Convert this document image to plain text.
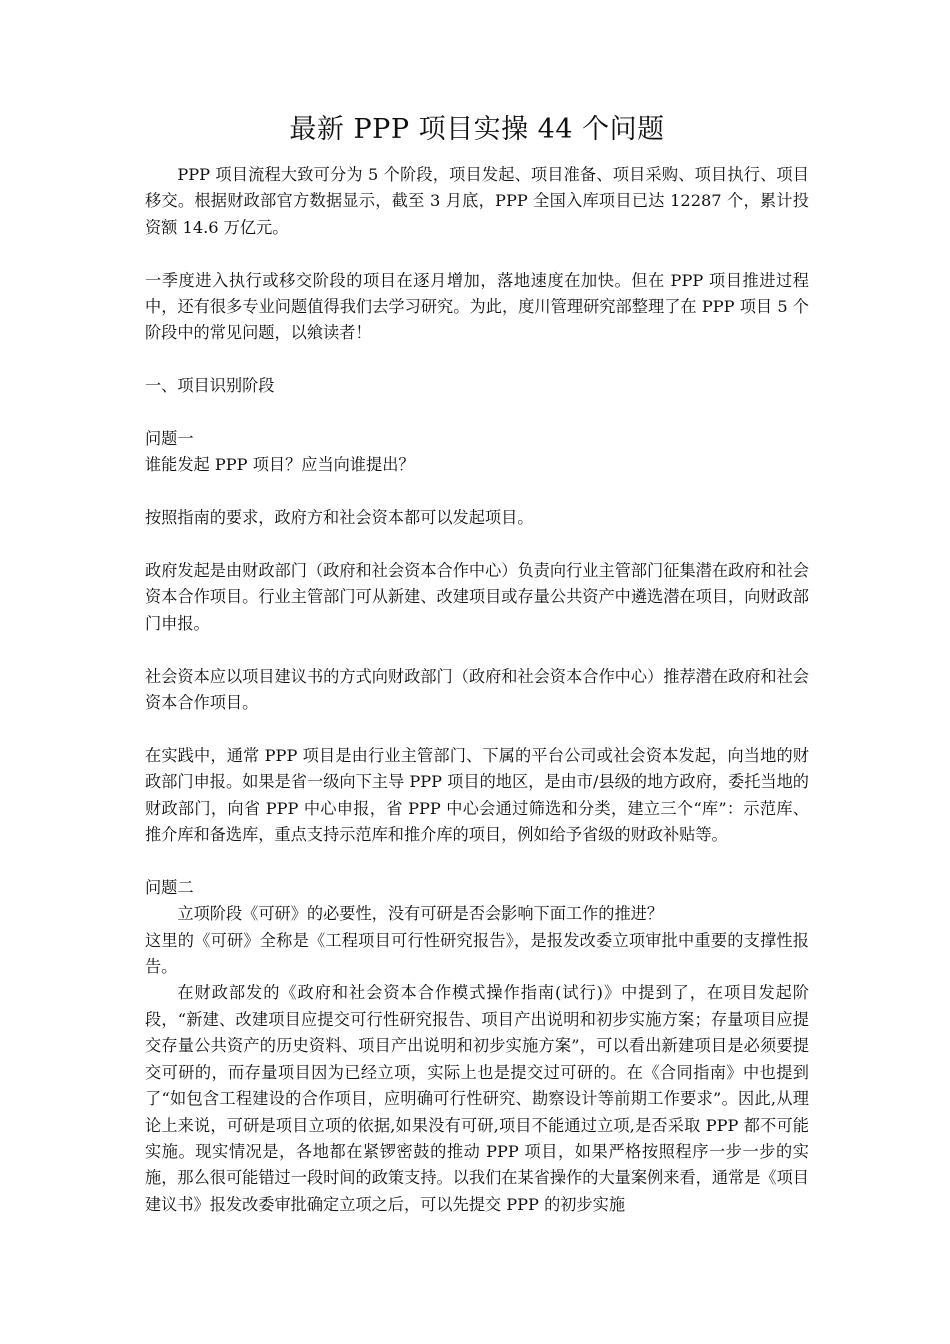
最新 PPP 项目实操 44 个问题

PPP 项目流程大致可分为 5 个阶段，项目发起、项目准备、项目采购、项目执行、项目移交。根据财政部官方数据显示，截至 3 月底，PPP 全国入库项目已达 12287 个，累计投资额 14.6 万亿元。

一季度进入执行或移交阶段的项目在逐月增加，落地速度在加快。但在 PPP 项目推进过程中，还有很多专业问题值得我们去学习研究。为此，度川管理研究部整理了在 PPP 项目 5 个阶段中的常见问题，以飨读者！

一、项目识别阶段

问题一

谁能发起 PPP 项目？应当向谁提出？

按照指南的要求，政府方和社会资本都可以发起项目。

政府发起是由财政部门（政府和社会资本合作中心）负责向行业主管部门征集潜在政府和社会资本合作项目。行业主管部门可从新建、改建项目或存量公共资产中遴选潜在项目，向财政部门申报。

社会资本应以项目建议书的方式向财政部门（政府和社会资本合作中心）推荐潜在政府和社会资本合作项目。

在实践中，通常 PPP 项目是由行业主管部门、下属的平台公司或社会资本发起，向当地的财政部门申报。如果是省一级向下主导 PPP 项目的地区，是由市/县级的地方政府，委托当地的财政部门，向省 PPP 中心申报，省 PPP 中心会通过筛选和分类，建立三个“库”：示范库、推介库和备选库，重点支持示范库和推介库的项目，例如给予省级的财政补贴等。

问题二

立项阶段《可研》的必要性，没有可研是否会影响下面工作的推进？

这里的《可研》全称是《工程项目可行性研究报告》，是报发改委立项审批中重要的支撑性报告。

在财政部发的《政府和社会资本合作模式操作指南(试行)》中提到了，在项目发起阶段，“新建、改建项目应提交可行性研究报告、项目产出说明和初步实施方案；存量项目应提交存量公共资产的历史资料、项目产出说明和初步实施方案”，可以看出新建项目是必须要提交可研的，而存量项目因为已经立项，实际上也是提交过可研的。在《合同指南》中也提到了“如包含工程建设的合作项目，应明确可行性研究、勘察设计等前期工作要求”。因此,从理论上来说，可研是项目立项的依据,如果没有可研,项目不能通过立项,是否采取 PPP 都不可能实施。现实情况是，各地都在紧锣密鼓的推动 PPP 项目，如果严格按照程序一步一步的实施，那么很可能错过一段时间的政策支持。以我们在某省操作的大量案例来看，通常是《项目建议书》报发改委审批确定立项之后，可以先提交 PPP 的初步实施
